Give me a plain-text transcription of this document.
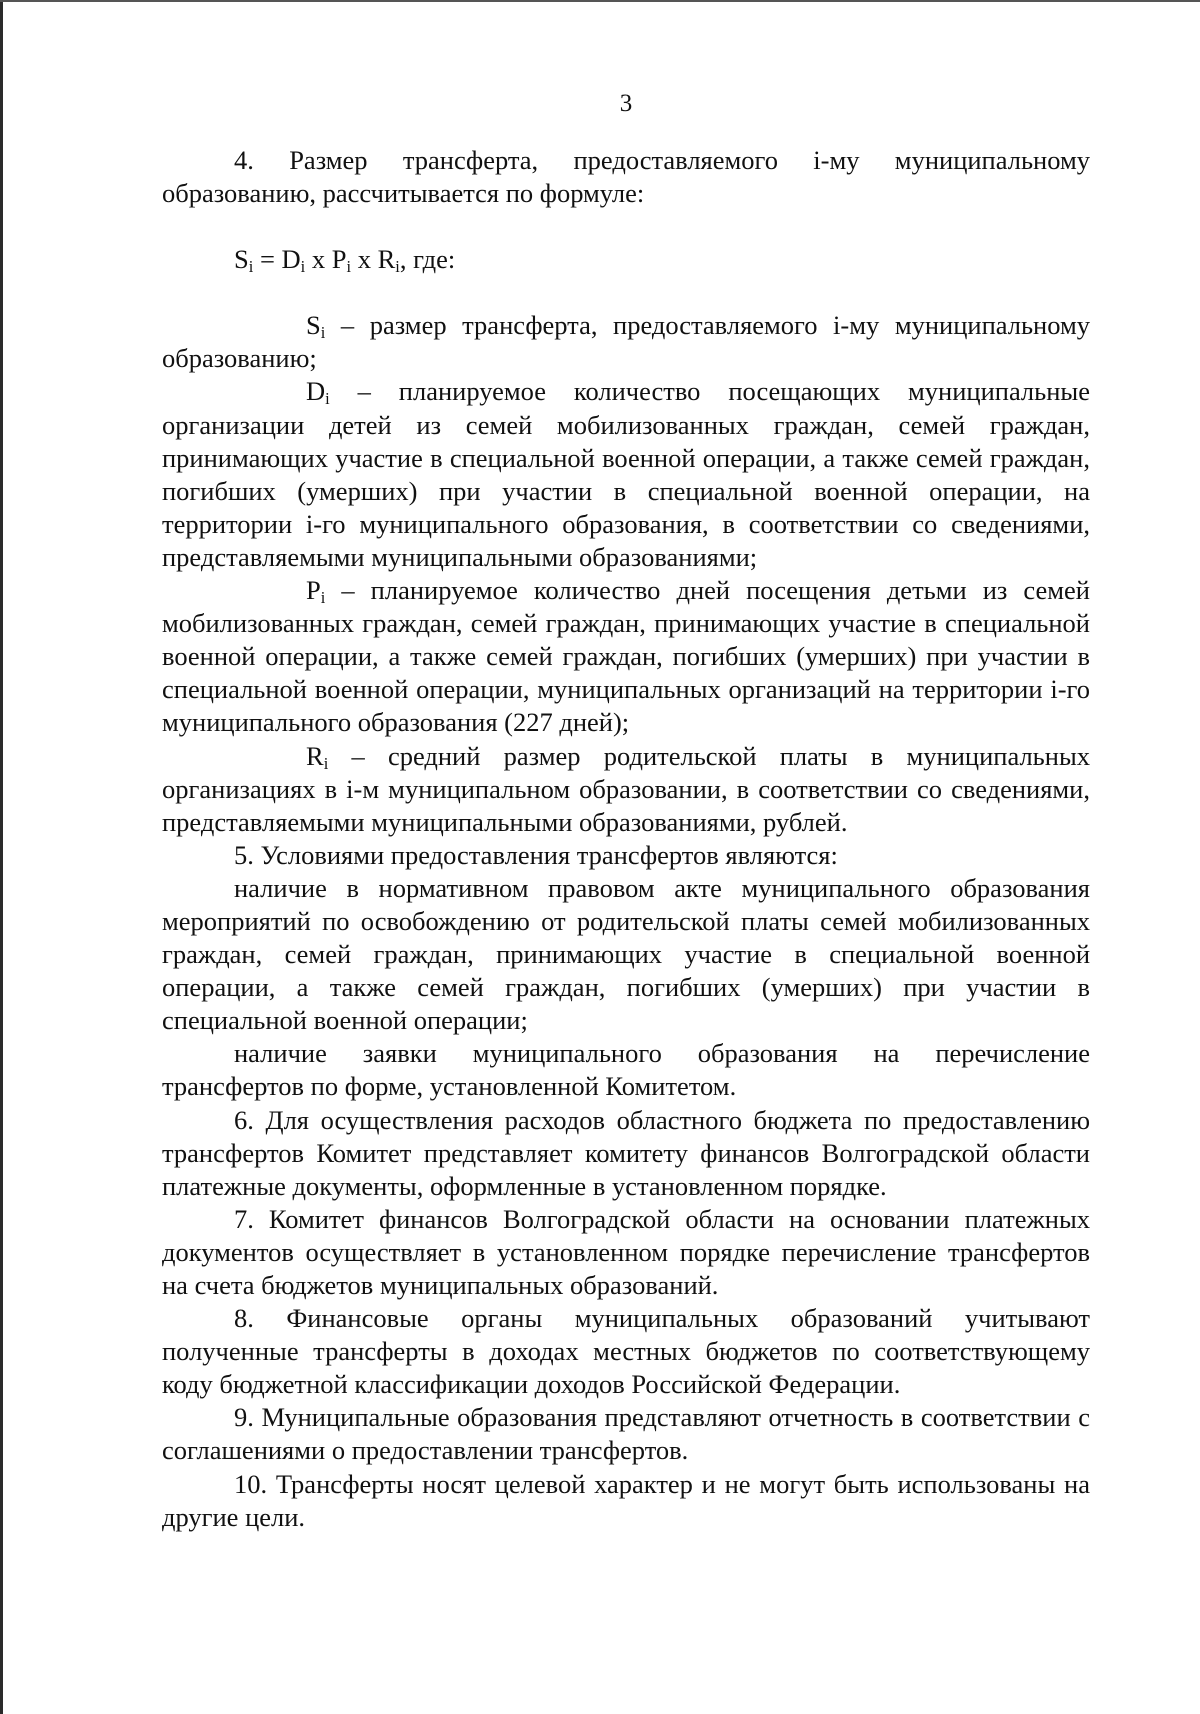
3

4. Размер трансферта, предоставляемого i-му муниципальному образованию, рассчитывается по формуле:

$S_i = D_i$ x $P_i$ x $R_i$, где:

$S_i$ – размер трансферта, предоставляемого i-му муниципальному образованию;

$D_i$ – планируемое количество посещающих муниципальные организации детей из семей мобилизованных граждан, семей граждан, принимающих участие в специальной военной операции, а также семей граждан, погибших (умерших) при участии в специальной военной операции, на территории i-го муниципального образования, в соответствии со сведениями, представляемыми муниципальными образованиями;

$P_i$ – планируемое количество дней посещения детьми из семей мобилизованных граждан, семей граждан, принимающих участие в специальной военной операции, а также семей граждан, погибших (умерших) при участии в специальной военной операции, муниципальных организаций на территории i-го муниципального образования (227 дней);

$R_i$ – средний размер родительской платы в муниципальных организациях в i-м муниципальном образовании, в соответствии со сведениями, представляемыми муниципальными образованиями, рублей.

5. Условиями предоставления трансфертов являются:

наличие в нормативном правовом акте муниципального образования мероприятий по освобождению от родительской платы семей мобилизованных граждан, семей граждан, принимающих участие в специальной военной операции, а также семей граждан, погибших (умерших) при участии в специальной военной операции;

наличие заявки муниципального образования на перечисление трансфертов по форме, установленной Комитетом.

6. Для осуществления расходов областного бюджета по предоставлению трансфертов Комитет представляет комитету финансов Волгоградской области платежные документы, оформленные в установленном порядке.

7. Комитет финансов Волгоградской области на основании платежных документов осуществляет в установленном порядке перечисление трансфертов на счета бюджетов муниципальных образований.

8. Финансовые органы муниципальных образований учитывают полученные трансферты в доходах местных бюджетов по соответствующему коду бюджетной классификации доходов Российской Федерации.

9. Муниципальные образования представляют отчетность в соответствии с соглашениями о предоставлении трансфертов.

10. Трансферты носят целевой характер и не могут быть использованы на другие цели.
